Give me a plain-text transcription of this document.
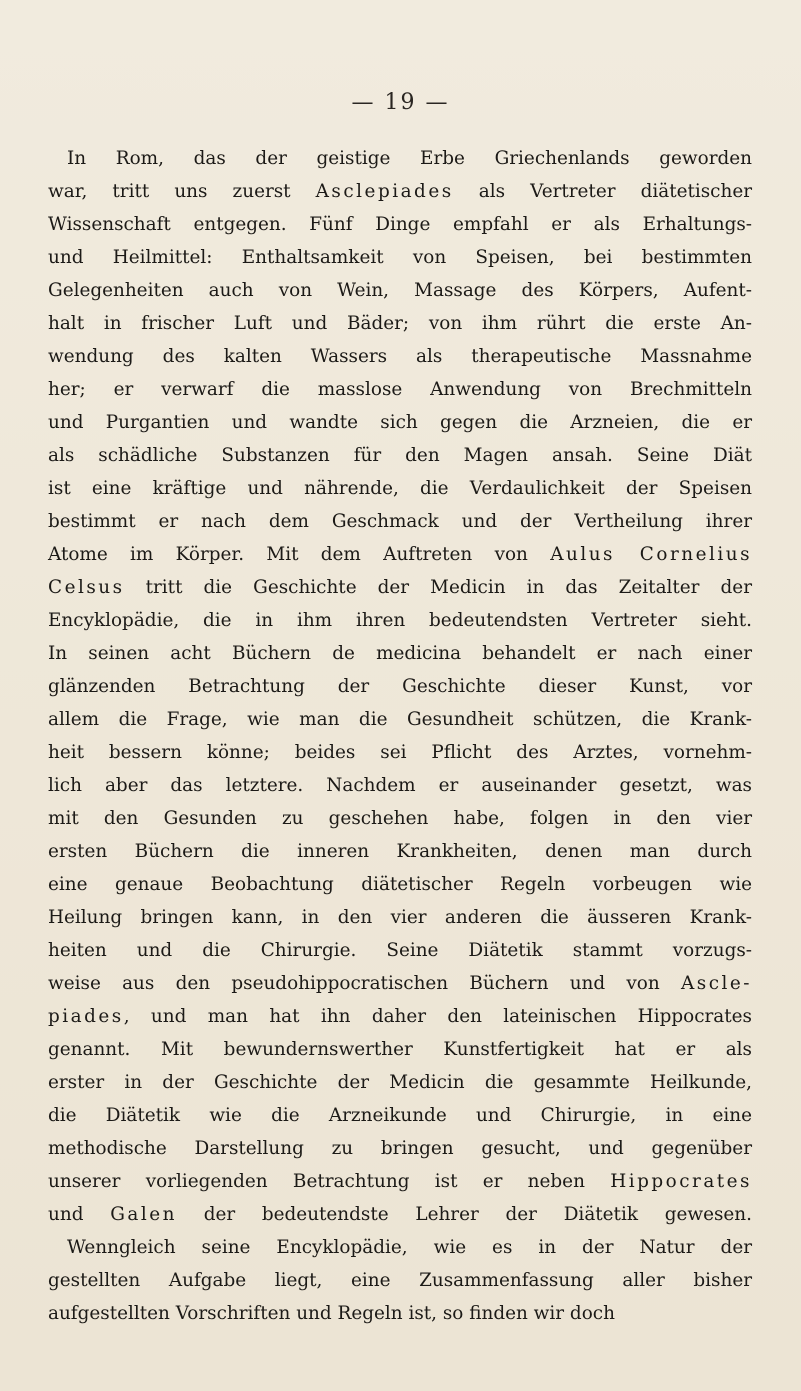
— 19 —
In Rom, das der geistige Erbe Griechenlands geworden
war, tritt uns zuerst Asclepiades als Vertreter diätetischer
Wissenschaft entgegen. Fünf Dinge empfahl er als Erhaltungs-
und Heilmittel: Enthaltsamkeit von Speisen, bei bestimmten
Gelegenheiten auch von Wein, Massage des Körpers, Aufent-
halt in frischer Luft und Bäder; von ihm rührt die erste An-
wendung des kalten Wassers als therapeutische Massnahme
her; er verwarf die masslose Anwendung von Brechmitteln
und Purgantien und wandte sich gegen die Arzneien, die er
als schädliche Substanzen für den Magen ansah. Seine Diät
ist eine kräftige und nährende, die Verdaulichkeit der Speisen
bestimmt er nach dem Geschmack und der Vertheilung ihrer
Atome im Körper. Mit dem Auftreten von Aulus Cornelius
Celsus tritt die Geschichte der Medicin in das Zeitalter der
Encyklopädie, die in ihm ihren bedeutendsten Vertreter sieht.
In seinen acht Büchern de medicina behandelt er nach einer
glänzenden Betrachtung der Geschichte dieser Kunst, vor
allem die Frage, wie man die Gesundheit schützen, die Krank-
heit bessern könne; beides sei Pflicht des Arztes, vornehm-
lich aber das letztere. Nachdem er auseinander gesetzt, was
mit den Gesunden zu geschehen habe, folgen in den vier
ersten Büchern die inneren Krankheiten, denen man durch
eine genaue Beobachtung diätetischer Regeln vorbeugen wie
Heilung bringen kann, in den vier anderen die äusseren Krank-
heiten und die Chirurgie. Seine Diätetik stammt vorzugs-
weise aus den pseudohippocratischen Büchern und von Ascle-
piades, und man hat ihn daher den lateinischen Hippocrates
genannt. Mit bewundernswerther Kunstfertigkeit hat er als
erster in der Geschichte der Medicin die gesammte Heilkunde,
die Diätetik wie die Arzneikunde und Chirurgie, in eine
methodische Darstellung zu bringen gesucht, und gegenüber
unserer vorliegenden Betrachtung ist er neben Hippocrates
und Galen der bedeutendste Lehrer der Diätetik gewesen.
Wenngleich seine Encyklopädie, wie es in der Natur der
gestellten Aufgabe liegt, eine Zusammenfassung aller bisher
aufgestellten Vorschriften und Regeln ist, so finden wir doch
